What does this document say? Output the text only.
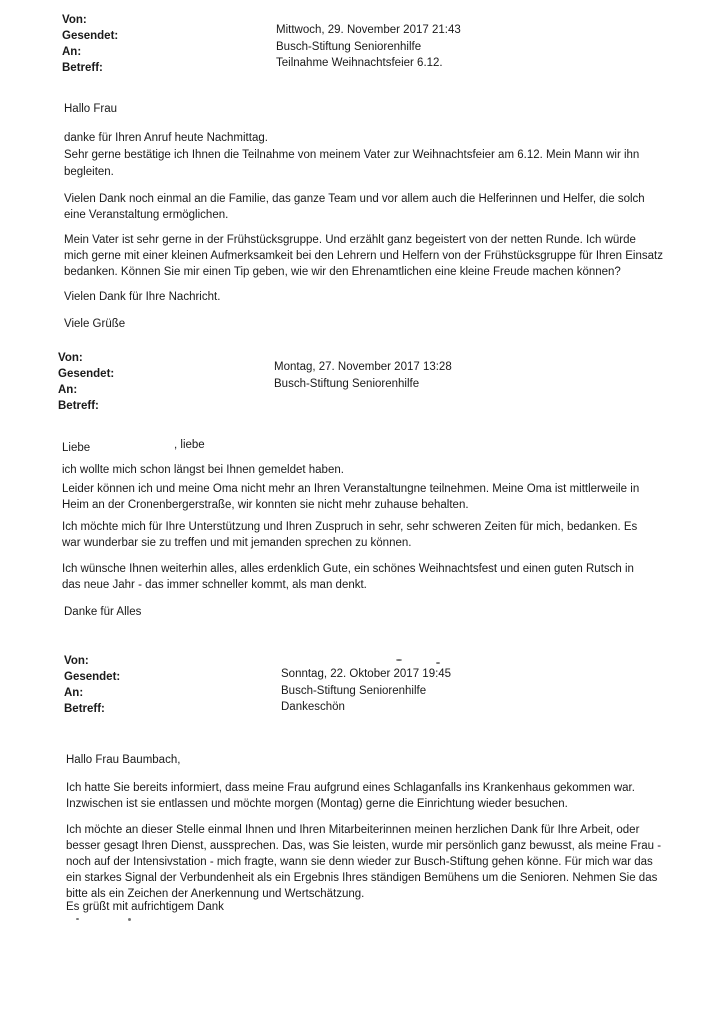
Von:
Gesendet:
An:
Betreff:
Mittwoch, 29. November 2017 21:43
Busch-Stiftung Seniorenhilfe
Teilnahme Weihnachtsfeier 6.12.

Hallo Frau

danke für Ihren Anruf heute Nachmittag.

Sehr gerne bestätige ich Ihnen die Teilnahme von meinem Vater zur Weihnachtsfeier am 6.12. Mein Mann wir ihn

begleiten.

Vielen Dank noch einmal an die Familie, das ganze Team und vor allem auch die Helferinnen und Helfer, die solch

eine Veranstaltung ermöglichen.

Mein Vater ist sehr gerne in der Frühstücksgruppe. Und erzählt ganz begeistert von der netten Runde. Ich würde

mich gerne mit einer kleinen Aufmerksamkeit bei den Lehrern und Helfern von der Frühstücksgruppe für Ihren Einsatz

bedanken. Können Sie mir einen Tip geben, wie wir den Ehrenamtlichen eine kleine Freude machen können?

Vielen Dank für Ihre Nachricht.

Viele Grüße

Von:
Gesendet:
An:
Betreff:
Montag, 27. November 2017 13:28
Busch-Stiftung Seniorenhilfe

Liebe	, liebe

ich wollte mich schon längst bei Ihnen gemeldet haben.

Leider können ich und meine Oma nicht mehr an Ihren Veranstaltungne teilnehmen. Meine Oma ist mittlerweile in

Heim an der Cronenbergerstraße, wir konnten sie nicht mehr zuhause behalten.

Ich möchte mich für Ihre Unterstützung und Ihren Zuspruch in sehr, sehr schweren Zeiten für mich, bedanken. Es

war wunderbar sie zu treffen und mit jemanden sprechen zu können.

Ich wünsche Ihnen weiterhin alles, alles erdenklich Gute, ein schönes Weihnachtsfest und einen guten Rutsch in

das neue Jahr - das immer schneller kommt, als man denkt.

Danke für Alles

Von:
Gesendet:
An:
Betreff:
Sonntag, 22. Oktober 2017 19:45
Busch-Stiftung Seniorenhilfe
Dankeschön

Hallo Frau Baumbach,

Ich hatte Sie bereits informiert, dass meine Frau aufgrund eines Schlaganfalls ins Krankenhaus gekommen war.

Inzwischen ist sie entlassen und möchte morgen (Montag) gerne die Einrichtung wieder besuchen.

Ich möchte an dieser Stelle einmal Ihnen und Ihren Mitarbeiterinnen meinen herzlichen Dank für Ihre Arbeit, oder

besser gesagt Ihren Dienst, aussprechen. Das, was Sie leisten, wurde mir persönlich ganz bewusst, als meine Frau -

noch auf der Intensivstation - mich fragte, wann sie denn wieder zur Busch-Stiftung gehen könne. Für mich war das

ein starkes Signal der Verbundenheit als ein Ergebnis Ihres ständigen Bemühens um die Senioren. Nehmen Sie das

bitte als ein Zeichen der Anerkennung und Wertschätzung.

Es grüßt mit aufrichtigem Dank
